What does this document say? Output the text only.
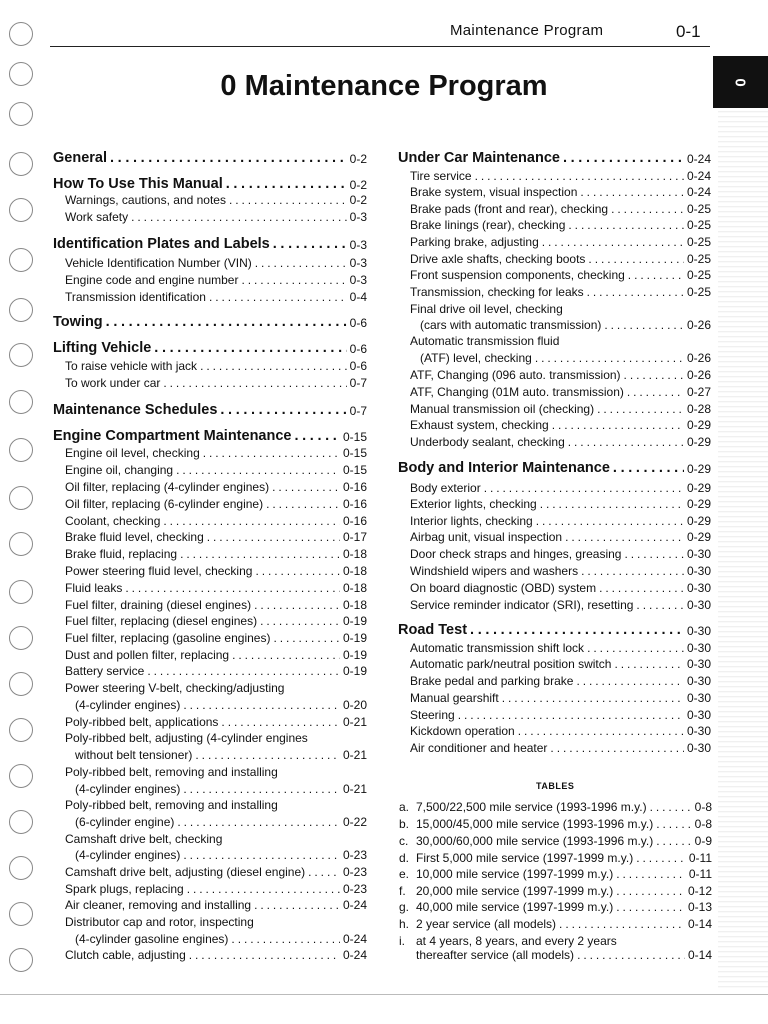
Maintenance Program	0-1
0
0 Maintenance Program
General . . .	0-2
How To Use This Manual . . .	0-2
Warnings, cautions, and notes . . .	0-2
Work safety . . .	0-3
Identification Plates and Labels . . .	0-3
Vehicle Identification Number (VIN) . . .	0-3
Engine code and engine number . . .	0-3
Transmission identification . . .	0-4
Towing . . .	0-6
Lifting Vehicle . . .	0-6
To raise vehicle with jack . . .	0-6
To work under car . . .	0-7
Maintenance Schedules . . .	0-7
Engine Compartment Maintenance . . .	0-15
Engine oil level, checking . . .	0-15
Engine oil, changing . . .	0-15
Oil filter, replacing (4-cylinder engines) . . .	0-16
Oil filter, replacing (6-cylinder engine) . . .	0-16
Coolant, checking . . .	0-16
Brake fluid level, checking . . .	0-17
Brake fluid, replacing . . .	0-18
Power steering fluid level, checking . . .	0-18
Fluid leaks . . .	0-18
Fuel filter, draining (diesel engines) . . .	0-18
Fuel filter, replacing (diesel engines) . . .	0-19
Fuel filter, replacing (gasoline engines) . . .	0-19
Dust and pollen filter, replacing . . .	0-19
Battery service . . .	0-19
Power steering V-belt, checking/adjusting
(4-cylinder engines) . . .	0-20
Poly-ribbed belt, applications . . .	0-21
Poly-ribbed belt, adjusting (4-cylinder engines
without belt tensioner) . . .	0-21
Poly-ribbed belt, removing and installing
(4-cylinder engines) . . .	0-21
Poly-ribbed belt, removing and installing
(6-cylinder engine) . . .	0-22
Camshaft drive belt, checking
(4-cylinder engines) . . .	0-23
Camshaft drive belt, adjusting (diesel engine) . . .	0-23
Spark plugs, replacing . . .	0-23
Air cleaner, removing and installing . . .	0-24
Distributor cap and rotor, inspecting
(4-cylinder gasoline engines) . . .	0-24
Clutch cable, adjusting . . .	0-24
Under Car Maintenance . . .	0-24
Tire service . . .	0-24
Brake system, visual inspection . . .	0-24
Brake pads (front and rear), checking . . .	0-25
Brake linings (rear), checking . . .	0-25
Parking brake, adjusting . . .	0-25
Drive axle shafts, checking boots . . .	0-25
Front suspension components, checking . . .	0-25
Transmission, checking for leaks . . .	0-25
Final drive oil level, checking
(cars with automatic transmission) . . .	0-26
Automatic transmission fluid
(ATF) level, checking . . .	0-26
ATF, Changing (096 auto. transmission) . . .	0-26
ATF, Changing (01M auto. transmission) . . .	0-27
Manual transmission oil (checking) . . .	0-28
Exhaust system, checking . . .	0-29
Underbody sealant, checking . . .	0-29
Body and Interior Maintenance . . .	0-29
Body exterior . . .	0-29
Exterior lights, checking . . .	0-29
Interior lights, checking . . .	0-29
Airbag unit, visual inspection . . .	0-29
Door check straps and hinges, greasing . . .	0-30
Windshield wipers and washers . . .	0-30
On board diagnostic (OBD) system . . .	0-30
Service reminder indicator (SRI), resetting . . .	0-30
Road Test . . .	0-30
Automatic transmission shift lock . . .	0-30
Automatic park/neutral position switch . . .	0-30
Brake pedal and parking brake . . .	0-30
Manual gearshift . . .	0-30
Steering . . .	0-30
Kickdown operation . . .	0-30
Air conditioner and heater . . .	0-30
TABLES
a. 7,500/22,500 mile service (1993-1996 m.y.) . . .	0-8
b. 15,000/45,000 mile service (1993-1996 m.y.) . . .	0-8
c. 30,000/60,000 mile service (1993-1996 m.y.) . . .	0-9
d. First 5,000 mile service (1997-1999 m.y.) . . .	0-11
e. 10,000 mile service (1997-1999 m.y.) . . .	0-11
f. 20,000 mile service (1997-1999 m.y.) . . .	0-12
g. 40,000 mile service (1997-1999 m.y.) . . .	0-13
h. 2 year service (all models) . . .	0-14
i. at 4 years, 8 years, and every 2 years
thereafter service (all models) . . .	0-14
